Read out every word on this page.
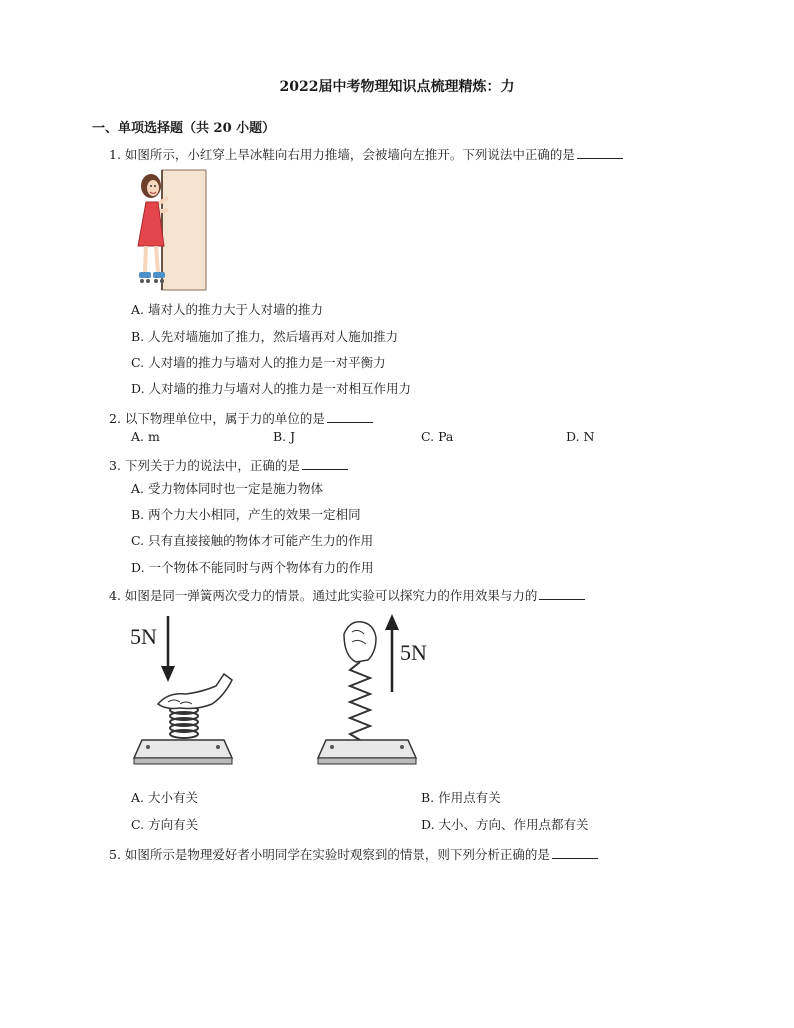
2022届中考物理知识点梳理精炼：力
一、单项选择题（共 20 小题）
1. 如图所示，小红穿上旱冰鞋向右用力推墙，会被墙向左推开。下列说法中正确的是
A. 墙对人的推力大于人对墙的推力
B. 人先对墙施加了推力，然后墙再对人施加推力
C. 人对墙的推力与墙对人的推力是一对平衡力
D. 人对墙的推力与墙对人的推力是一对相互作用力
2. 以下物理单位中，属于力的单位的是
A. m	B. J	C. Pa	D. N
3. 下列关于力的说法中，正确的是
A. 受力物体同时也一定是施力物体
B. 两个力大小相同，产生的效果一定相同
C. 只有直接接触的物体才可能产生力的作用
D. 一个物体不能同时与两个物体有力的作用
4. 如图是同一弹簧两次受力的情景。通过此实验可以探究力的作用效果与力的
5N
5N
A. 大小有关	B. 作用点有关
C. 方向有关	D. 大小、方向、作用点都有关
5. 如图所示是物理爱好者小明同学在实验时观察到的情景，则下列分析正确的是
